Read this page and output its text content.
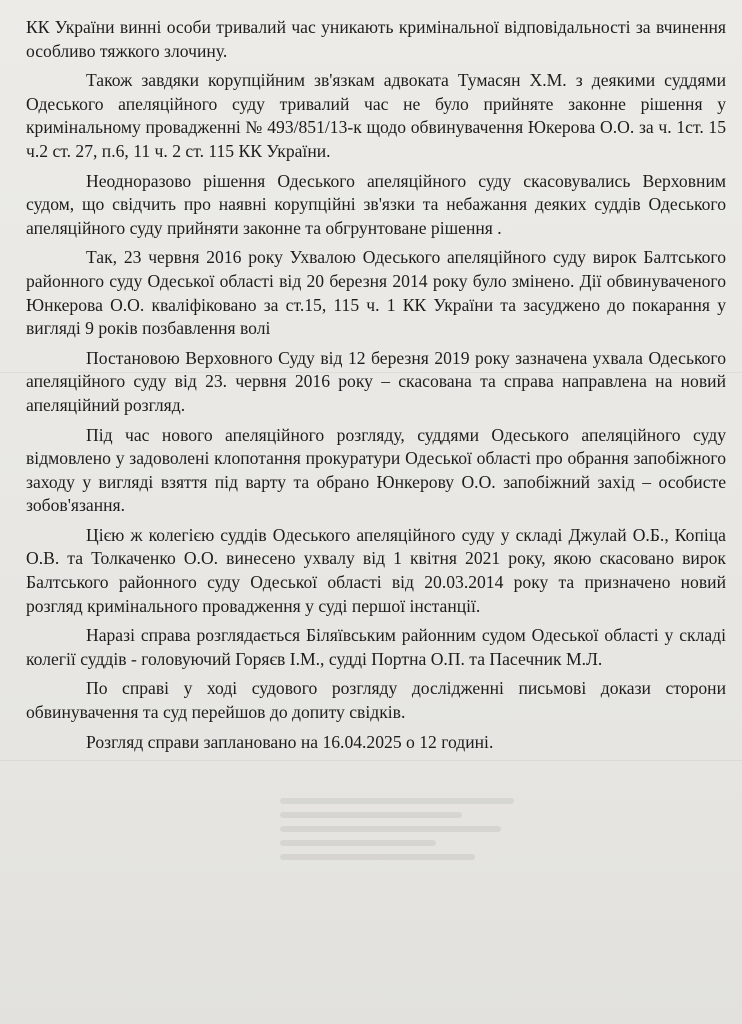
КК України винні особи тривалий час уникають кримінальної відповідальності за вчинення особливо тяжкого злочину.

Також завдяки корупційним зв'язкам адвоката Тумасян Х.М. з деякими суддями Одеського апеляційного суду тривалий час не було прийняте законне рішення у кримінальному провадженні № 493/851/13-к щодо обвинувачення Юкерова О.О. за ч. 1ст. 15 ч.2 ст. 27, п.6, 11 ч. 2 ст. 115 КК України.

Неодноразово рішення Одеського апеляційного суду скасовувались Верховним судом, що свідчить про наявні корупційні зв'язки та небажання деяких суддів Одеського апеляційного суду прийняти законне та обгрунтоване рішення .

Так, 23 червня 2016 року Ухвалою Одеського апеляційного суду вирок Балтського районного суду Одеської області від 20 березня 2014 року було змінено. Дії обвинуваченого Юнкерова О.О. кваліфіковано за ст.15, 115 ч. 1 КК України та засуджено до покарання у вигляді 9 років позбавлення волі

Постановою Верховного Суду від 12 березня 2019 року зазначена ухвала Одеського апеляційного суду від 23. червня 2016 року – скасована та справа направлена на новий апеляційний розгляд.

Під час нового апеляційного розгляду, суддями Одеського апеляційного суду відмовлено у задоволені клопотання прокуратури Одеської області про обрання запобіжного заходу у вигляді взяття під варту та обрано Юнкерову О.О. запобіжний захід – особисте зобов'язання.

Цією ж колегією суддів Одеського апеляційного суду у складі Джулай О.Б., Копіца О.В. та Толкаченко О.О. винесено ухвалу від 1 квітня 2021 року, якою скасовано вирок Балтського районного суду Одеської області від 20.03.2014 року та призначено новий розгляд кримінального провадження у суді першої інстанції.

Наразі справа розглядається Біляївським районним судом Одеської області у складі колегії суддів - головуючий Горяєв І.М., судді Портна О.П. та Пасечник М.Л.

По справі у ході судового розгляду дослідженні письмові докази сторони обвинувачення та суд перейшов до допиту свідків.

Розгляд справи заплановано на 16.04.2025 о 12 годині.
